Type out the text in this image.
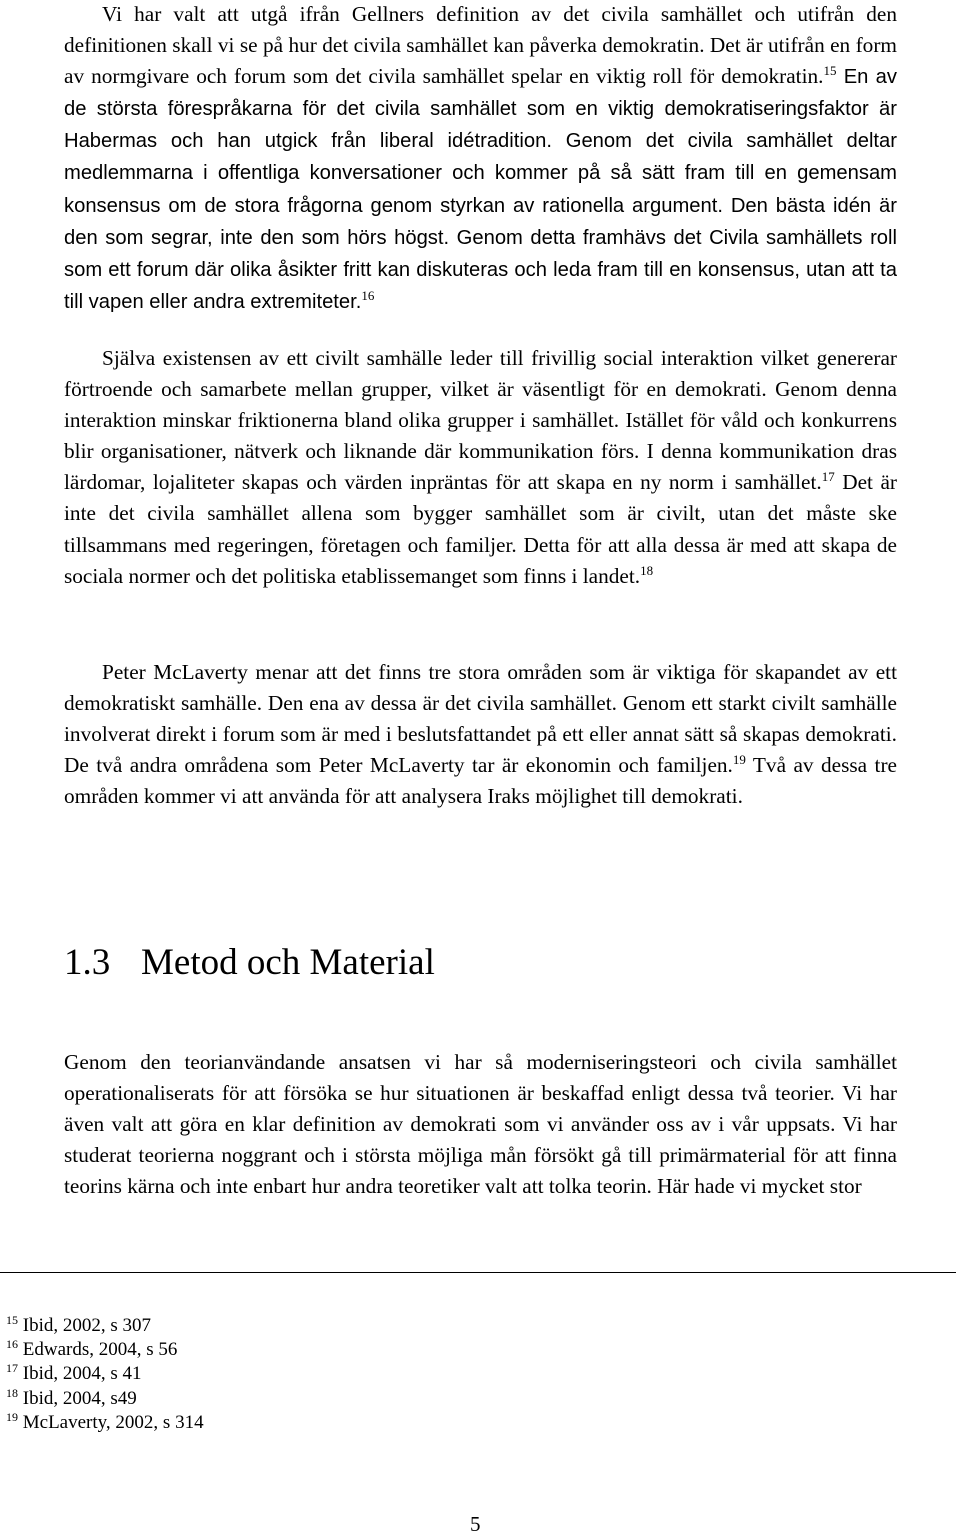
Vi har valt att utgå ifrån Gellners definition av det civila samhället och utifrån den definitionen skall vi se på hur det civila samhället kan påverka demokratin. Det är utifrån en form av normgivare och forum som det civila samhället spelar en viktig roll för demokratin.$^{15}$ En av de största förespråkarna för det civila samhället som en viktig demokratiseringsfaktor är Habermas och han utgick från liberal idétradition. Genom det civila samhället deltar medlemmarna i offentliga konversationer och kommer på så sätt fram till en gemensam konsensus om de stora frågorna genom styrkan av rationella argument. Den bästa idén är den som segrar, inte den som hörs högst. Genom detta framhävs det Civila samhällets roll som ett forum där olika åsikter fritt kan diskuteras och leda fram till en konsensus, utan att ta till vapen eller andra extremiteter.$^{16}$

Själva existensen av ett civilt samhälle leder till frivillig social interaktion vilket genererar förtroende och samarbete mellan grupper, vilket är väsentligt för en demokrati. Genom denna interaktion minskar friktionerna bland olika grupper i samhället. Istället för våld och konkurrens blir organisationer, nätverk och liknande där kommunikation förs. I denna kommunikation dras lärdomar, lojaliteter skapas och värden inpräntas för att skapa en ny norm i samhället.$^{17}$ Det är inte det civila samhället allena som bygger samhället som är civilt, utan det måste ske tillsammans med regeringen, företagen och familjer. Detta för att alla dessa är med att skapa de sociala normer och det politiska etablissemanget som finns i landet.$^{18}$

Peter McLaverty menar att det finns tre stora områden som är viktiga för skapandet av ett demokratiskt samhälle. Den ena av dessa är det civila samhället. Genom ett starkt civilt samhälle involverat direkt i forum som är med i beslutsfattandet på ett eller annat sätt så skapas demokrati. De två andra områdena som Peter McLaverty tar är ekonomin och familjen.$^{19}$ Två av dessa tre områden kommer vi att använda för att analysera Iraks möjlighet till demokrati.

1.3 Metod och Material

Genom den teorianvändande ansatsen vi har så moderniseringsteori och civila samhället operationaliserats för att försöka se hur situationen är beskaffad enligt dessa två teorier. Vi har även valt att göra en klar definition av demokrati som vi använder oss av i vår uppsats. Vi har studerat teorierna noggrant och i största möjliga mån försökt gå till primärmaterial för att finna teorins kärna och inte enbart hur andra teoretiker valt att tolka teorin. Här hade vi mycket stor

$^{15}$ Ibid, 2002, s 307
$^{16}$ Edwards, 2004, s 56
$^{17}$ Ibid, 2004, s 41
$^{18}$ Ibid, 2004, s49
$^{19}$ McLaverty, 2002, s 314
5
